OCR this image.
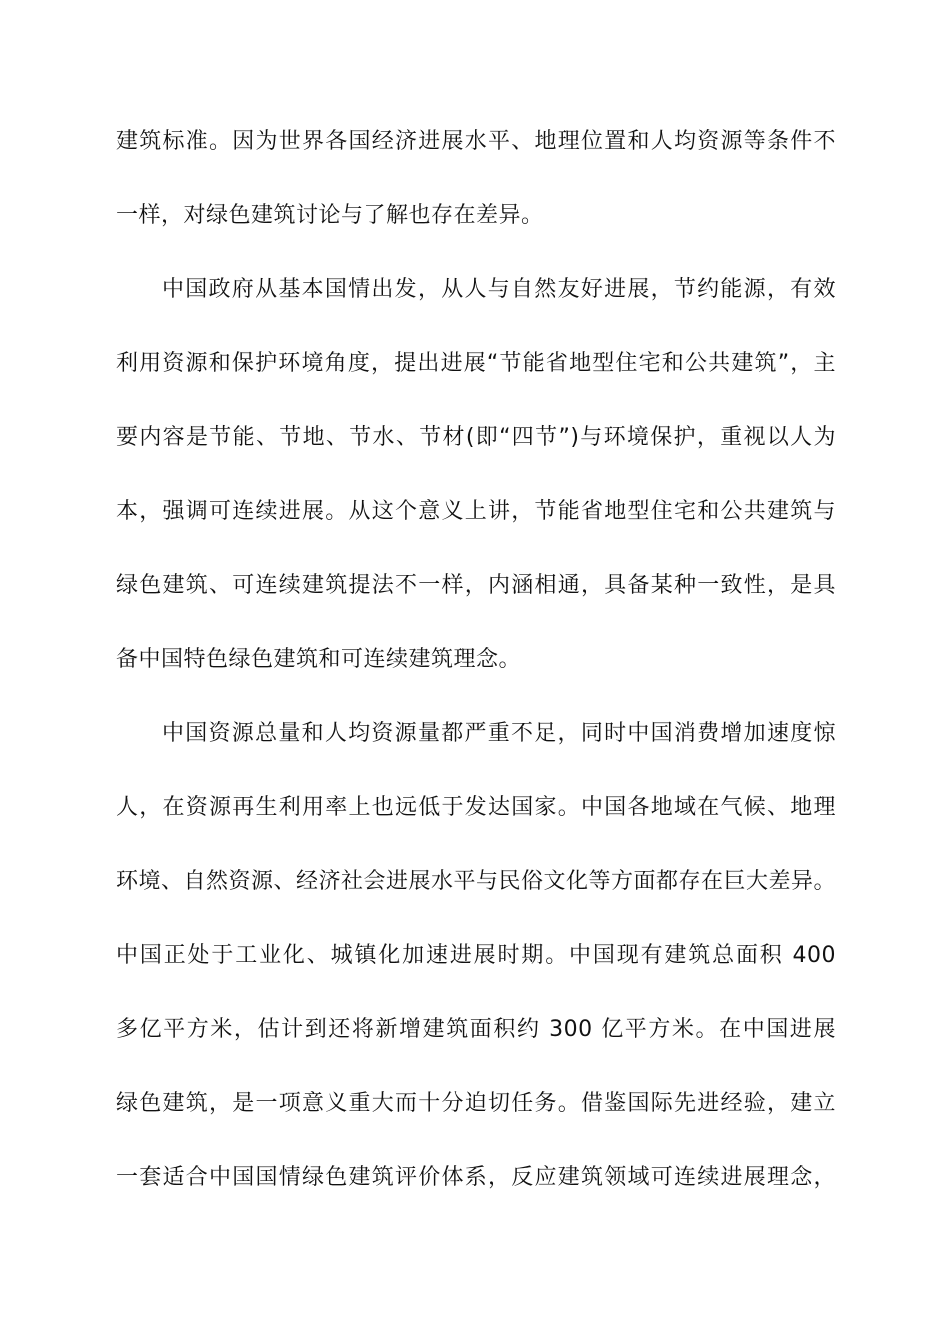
建筑标准。因为世界各国经济进展水平、地理位置和人均资源等条件不
一样，对绿色建筑讨论与了解也存在差异。
中国政府从基本国情出发，从人与自然友好进展，节约能源，有效
利用资源和保护环境角度，提出进展“节能省地型住宅和公共建筑”，主
要内容是节能、节地、节水、节材(即“四节”)与环境保护，重视以人为
本，强调可连续进展。从这个意义上讲，节能省地型住宅和公共建筑与
绿色建筑、可连续建筑提法不一样，内涵相通，具备某种一致性，是具
备中国特色绿色建筑和可连续建筑理念。
中国资源总量和人均资源量都严重不足，同时中国消费增加速度惊
人，在资源再生利用率上也远低于发达国家。中国各地域在气候、地理
环境、自然资源、经济社会进展水平与民俗文化等方面都存在巨大差异。
中国正处于工业化、城镇化加速进展时期。中国现有建筑总面积 400
多亿平方米，估计到还将新增建筑面积约 300 亿平方米。在中国进展
绿色建筑，是一项意义重大而十分迫切任务。借鉴国际先进经验，建立
一套适合中国国情绿色建筑评价体系，反应建筑领域可连续进展理念，
